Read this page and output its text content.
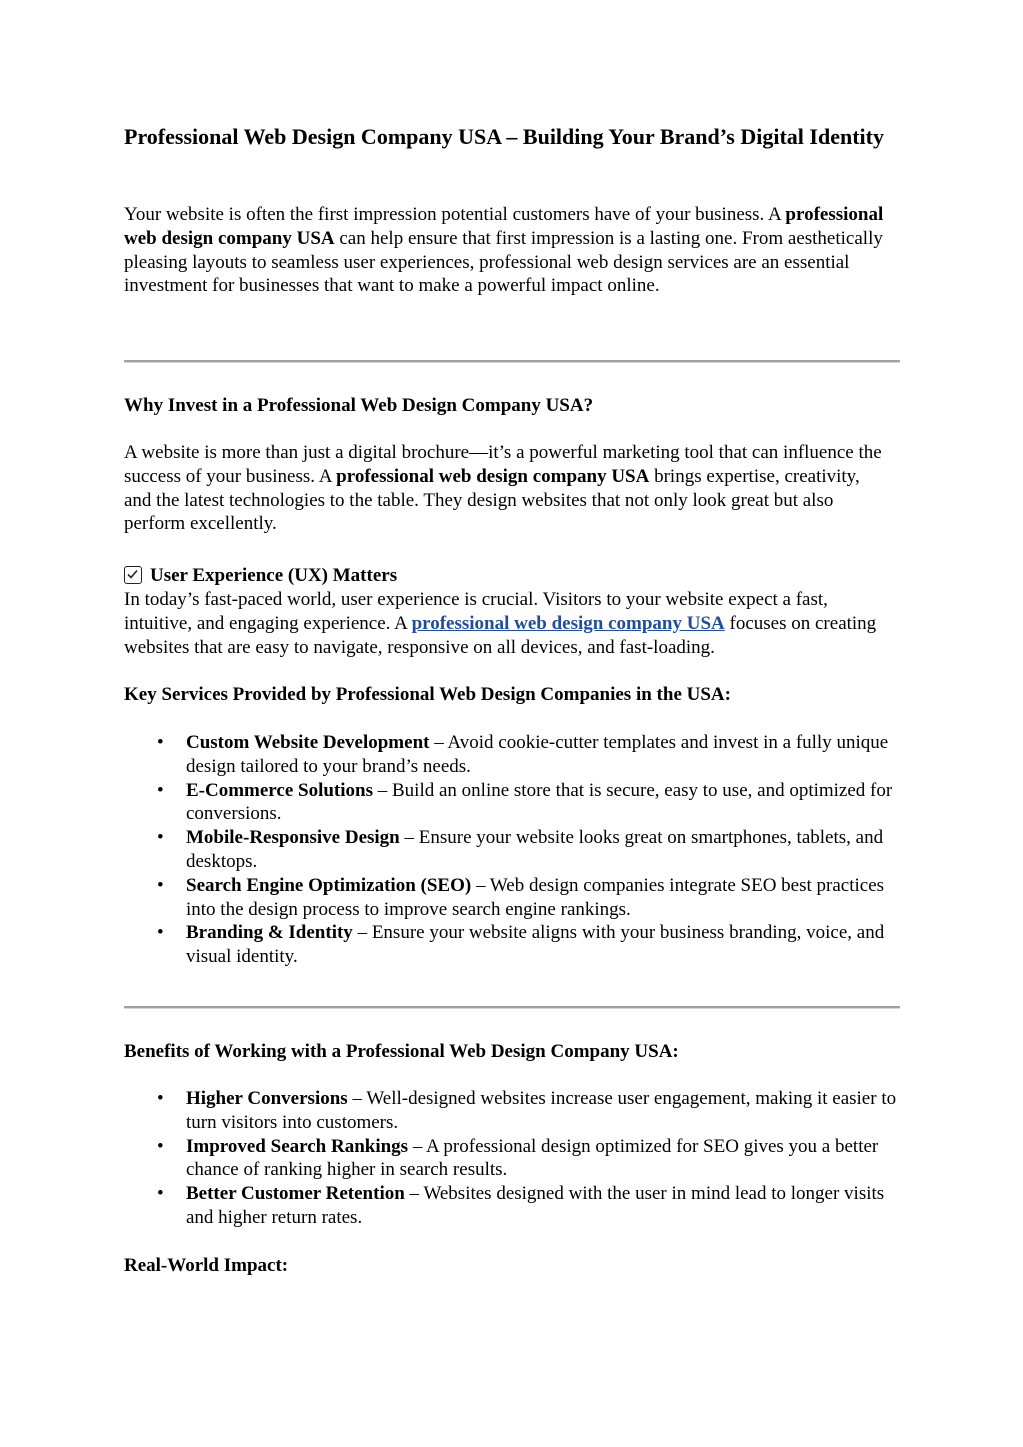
Professional Web Design Company USA – Building Your Brand’s Digital Identity

Your website is often the first impression potential customers have of your business. A professional web design company USA can help ensure that first impression is a lasting one. From aesthetically pleasing layouts to seamless user experiences, professional web design services are an essential investment for businesses that want to make a powerful impact online.

Why Invest in a Professional Web Design Company USA?

A website is more than just a digital brochure—it’s a powerful marketing tool that can influence the success of your business. A professional web design company USA brings expertise, creativity, and the latest technologies to the table. They design websites that not only look great but also perform excellently.

User Experience (UX) Matters

In today’s fast-paced world, user experience is crucial. Visitors to your website expect a fast, intuitive, and engaging experience. A professional web design company USA focuses on creating websites that are easy to navigate, responsive on all devices, and fast-loading.

Key Services Provided by Professional Web Design Companies in the USA:
• Custom Website Development – Avoid cookie-cutter templates and invest in a fully unique design tailored to your brand’s needs.
• E-Commerce Solutions – Build an online store that is secure, easy to use, and optimized for conversions.
• Mobile-Responsive Design – Ensure your website looks great on smartphones, tablets, and desktops.
• Search Engine Optimization (SEO) – Web design companies integrate SEO best practices into the design process to improve search engine rankings.
• Branding & Identity – Ensure your website aligns with your business branding, voice, and visual identity.
Benefits of Working with a Professional Web Design Company USA:
• Higher Conversions – Well-designed websites increase user engagement, making it easier to turn visitors into customers.
• Improved Search Rankings – A professional design optimized for SEO gives you a better chance of ranking higher in search results.
• Better Customer Retention – Websites designed with the user in mind lead to longer visits and higher return rates.
Real-World Impact:
